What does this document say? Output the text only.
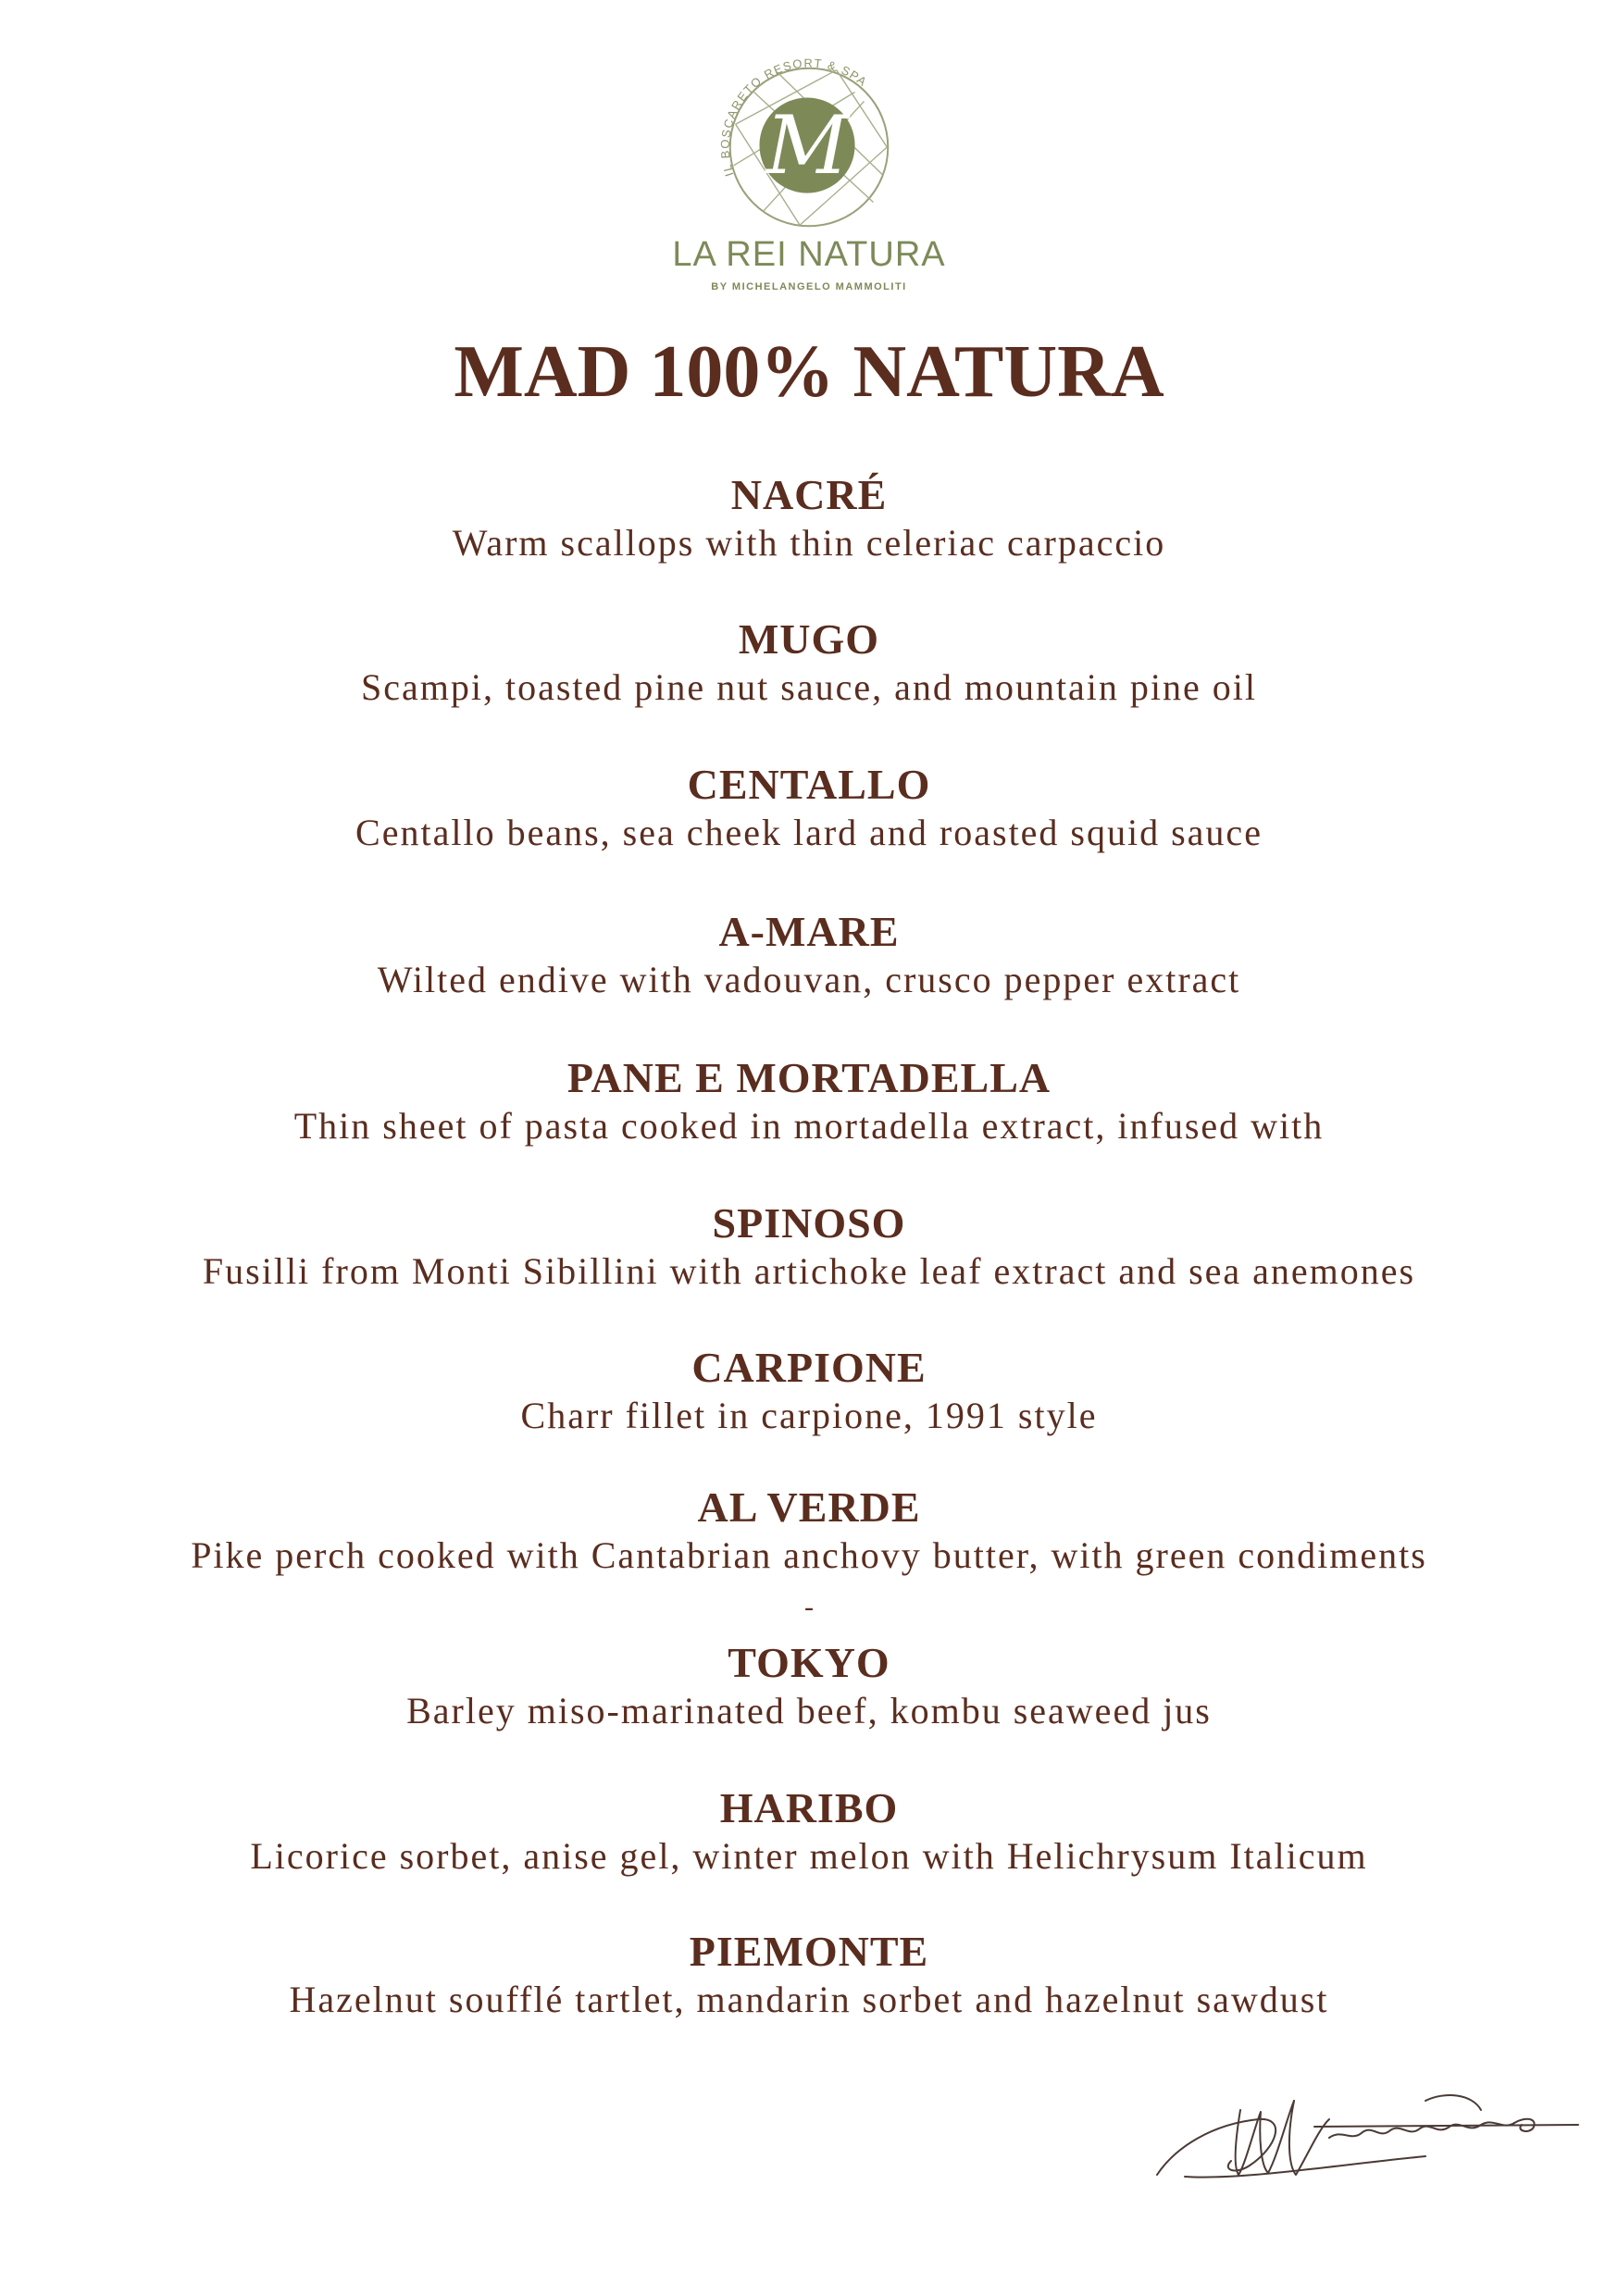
M
IL BOSCARETO RESORT & SPA
LA REI NATURA
BY MICHELANGELO MAMMOLITI
MAD 100% NATURA
NACRÉ
Warm scallops with thin celeriac carpaccio
MUGO
Scampi, toasted pine nut sauce, and mountain pine oil
CENTALLO
Centallo beans, sea cheek lard and roasted squid sauce
A-MARE
Wilted endive with vadouvan, crusco pepper extract
PANE E MORTADELLA
Thin sheet of pasta cooked in mortadella extract, infused with
SPINOSO
Fusilli from Monti Sibillini with artichoke leaf extract and sea anemones
CARPIONE
Charr fillet in carpione, 1991 style
AL VERDE
Pike perch cooked with Cantabrian anchovy butter, with green condiments
-
TOKYO
Barley miso-marinated beef, kombu seaweed jus
HARIBO
Licorice sorbet, anise gel, winter melon with Helichrysum Italicum
PIEMONTE
Hazelnut soufflé tartlet, mandarin sorbet and hazelnut sawdust
Michelangelo Mammoliti
